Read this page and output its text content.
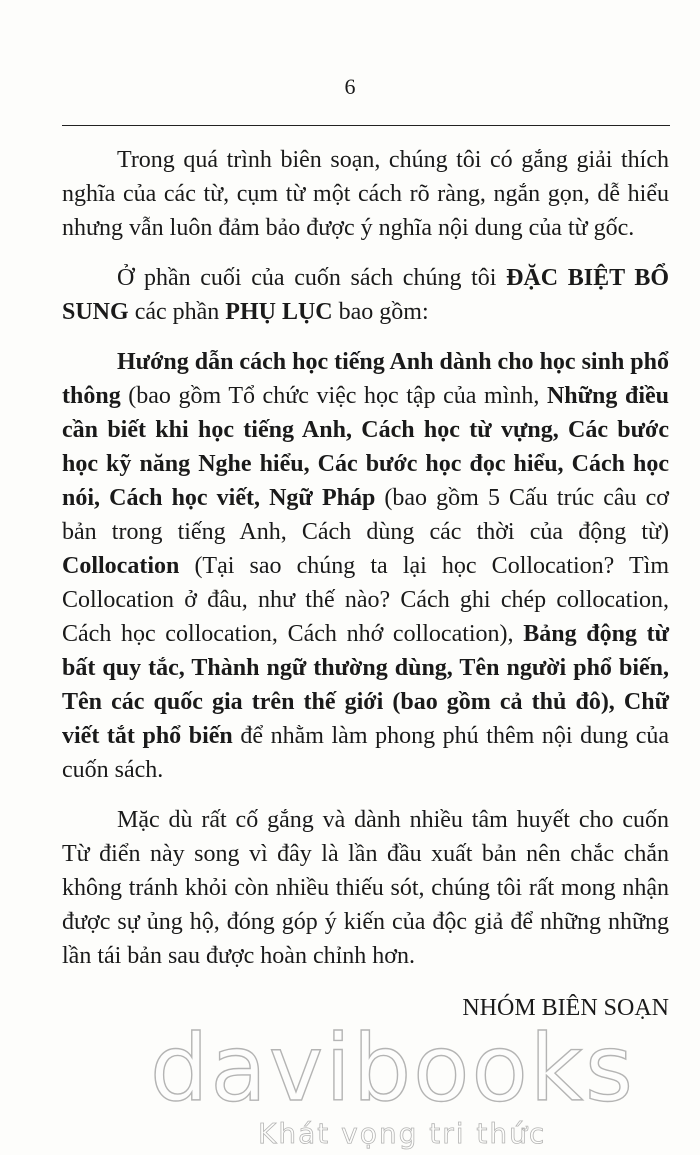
6

Trong quá trình biên soạn, chúng tôi có gắng giải thích nghĩa của các từ, cụm từ một cách rõ ràng, ngắn gọn, dễ hiểu nhưng vẫn luôn đảm bảo được ý nghĩa nội dung của từ gốc.

Ở phần cuối của cuốn sách chúng tôi ĐẶC BIỆT BỔ SUNG các phần PHỤ LỤC bao gồm:

Hướng dẫn cách học tiếng Anh dành cho học sinh phổ thông (bao gồm Tổ chức việc học tập của mình, Những điều cần biết khi học tiếng Anh, Cách học từ vựng, Các bước học kỹ năng Nghe hiểu, Các bước học đọc hiểu, Cách học nói, Cách học viết, Ngữ Pháp (bao gồm 5 Cấu trúc câu cơ bản trong tiếng Anh, Cách dùng các thời của động từ) Collocation (Tại sao chúng ta lại học Collocation? Tìm Collocation ở đâu, như thế nào? Cách ghi chép collocation, Cách học collocation, Cách nhớ collocation), Bảng động từ bất quy tắc, Thành ngữ thường dùng, Tên người phổ biến, Tên các quốc gia trên thế giới (bao gồm cả thủ đô), Chữ viết tắt phổ biến để nhằm làm phong phú thêm nội dung của cuốn sách.

Mặc dù rất cố gắng và dành nhiều tâm huyết cho cuốn Từ điển này song vì đây là lần đầu xuất bản nên chắc chắn không tránh khỏi còn nhiều thiếu sót, chúng tôi rất mong nhận được sự ủng hộ, đóng góp ý kiến của độc giả để những những lần tái bản sau được hoàn chỉnh hơn.

NHÓM BIÊN SOẠN

davibooks
Khát vọng tri thức
